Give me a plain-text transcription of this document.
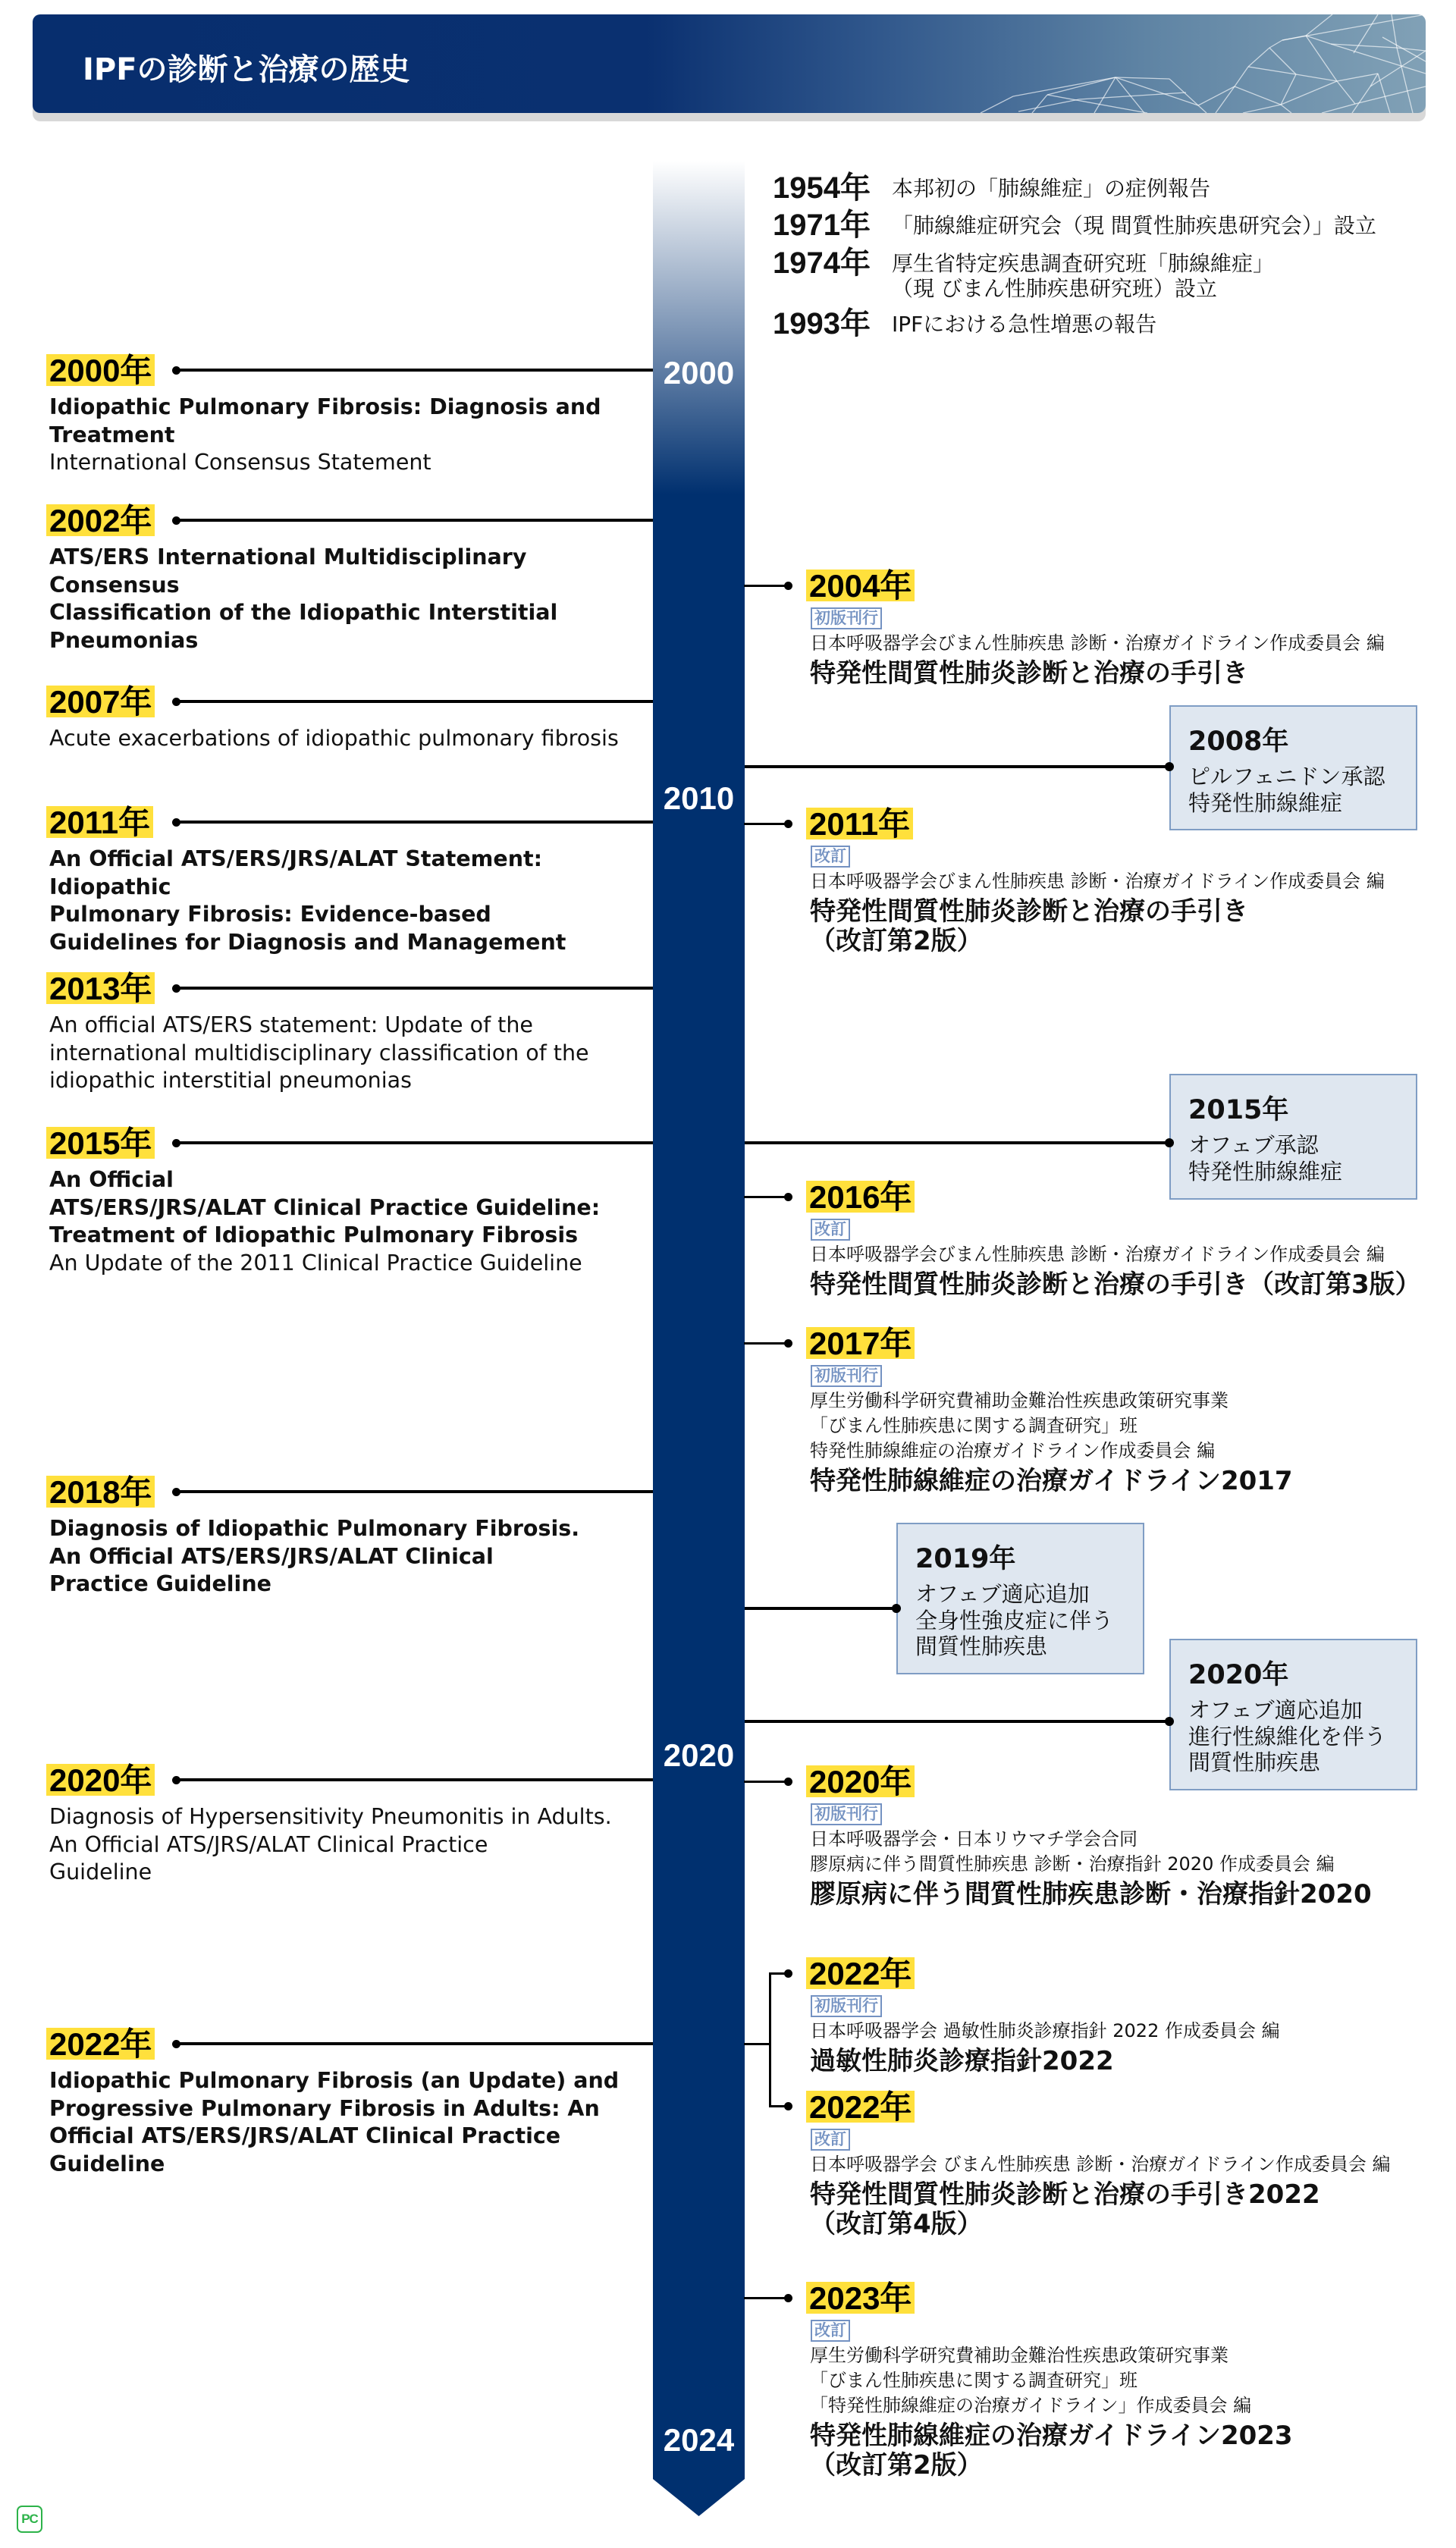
IPFの診断と治療の歴史
2000
2010
2020
2024
1954年 本邦初の「肺線維症」の症例報告
1971年 「肺線維症研究会（現 間質性肺疾患研究会）」設立
1974年 厚生省特定疾患調査研究班「肺線維症」
（現 びまん性肺疾患研究班）設立
1993年 IPFにおける急性増悪の報告
2000年
Idiopathic Pulmonary Fibrosis: Diagnosis and
Treatment
International Consensus Statement
2002年
ATS/ERS International Multidisciplinary
Consensus
Classification of the Idiopathic Interstitial
Pneumonias
2007年
Acute exacerbations of idiopathic pulmonary fibrosis
2011年
An Official ATS/ERS/JRS/ALAT Statement:
Idiopathic
Pulmonary Fibrosis: Evidence-based
Guidelines for Diagnosis and Management
2013年
An official ATS/ERS statement: Update of the
international multidisciplinary classification of the
idiopathic interstitial pneumonias
2015年
An Official
ATS/ERS/JRS/ALAT Clinical Practice Guideline:
Treatment of Idiopathic Pulmonary Fibrosis
An Update of the 2011 Clinical Practice Guideline
2018年
Diagnosis of Idiopathic Pulmonary Fibrosis.
An Official ATS/ERS/JRS/ALAT Clinical
Practice Guideline
2020年
Diagnosis of Hypersensitivity Pneumonitis in Adults.
An Official ATS/JRS/ALAT Clinical Practice
Guideline
2022年
Idiopathic Pulmonary Fibrosis (an Update) and
Progressive Pulmonary Fibrosis in Adults: An
Official ATS/ERS/JRS/ALAT Clinical Practice
Guideline
2004年
初版刊行
日本呼吸器学会びまん性肺疾患 診断・治療ガイドライン作成委員会 編
特発性間質性肺炎診断と治療の手引き
2011年
改訂
日本呼吸器学会びまん性肺疾患 診断・治療ガイドライン作成委員会 編
特発性間質性肺炎診断と治療の手引き
（改訂第2版）
2016年
改訂
日本呼吸器学会びまん性肺疾患 診断・治療ガイドライン作成委員会 編
特発性間質性肺炎診断と治療の手引き（改訂第3版）
2017年
初版刊行
厚生労働科学研究費補助金難治性疾患政策研究事業
「びまん性肺疾患に関する調査研究」班
特発性肺線維症の治療ガイドライン作成委員会 編
特発性肺線維症の治療ガイドライン2017
2020年
初版刊行
日本呼吸器学会・日本リウマチ学会合同
膠原病に伴う間質性肺疾患 診断・治療指針 2020 作成委員会 編
膠原病に伴う間質性肺疾患診断・治療指針2020
2022年
初版刊行
日本呼吸器学会 過敏性肺炎診療指針 2022 作成委員会 編
過敏性肺炎診療指針2022
2022年
改訂
日本呼吸器学会 びまん性肺疾患 診断・治療ガイドライン作成委員会 編
特発性間質性肺炎診断と治療の手引き2022
（改訂第4版）
2023年
改訂
厚生労働科学研究費補助金難治性疾患政策研究事業
「びまん性肺疾患に関する調査研究」班
「特発性肺線維症の治療ガイドライン」作成委員会 編
特発性肺線維症の治療ガイドライン2023
（改訂第2版）
2008年
ピルフェニドン承認
特発性肺線維症
2015年
オフェブ承認
特発性肺線維症
2019年
オフェブ適応追加
全身性強皮症に伴う
間質性肺疾患
2020年
オフェブ適応追加
進行性線維化を伴う
間質性肺疾患
PC
